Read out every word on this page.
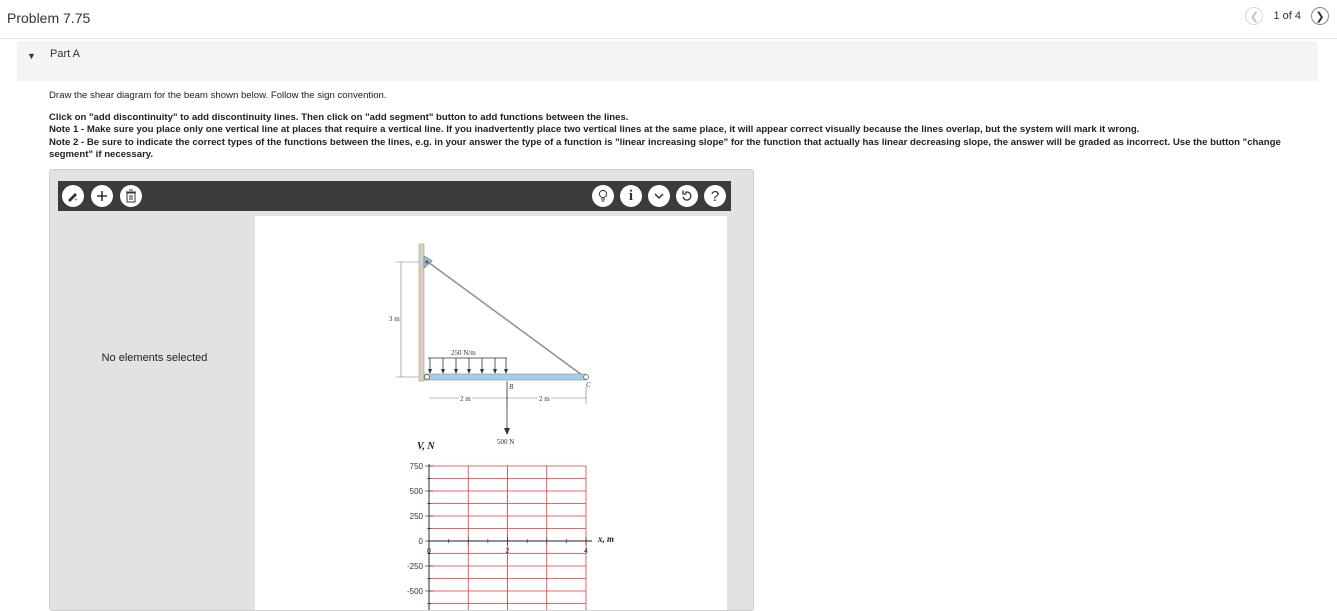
Problem 7.75	❮	1 of 4	❯
▼ Part A

Draw the shear diagram for the beam shown below. Follow the sign convention.

Click on "add discontinuity" to add discontinuity lines. Then click on "add segment" button to add functions between the lines.

Note 1 - Make sure you place only one vertical line at places that require a vertical line. If you inadvertently place two vertical lines at the same place, it will appear correct visually because the lines overlap, but the system will mark it wrong.

Note 2 - Be sure to indicate the correct types of the functions between the lines, e.g. in your answer the type of a function is "linear increasing slope" for the function that actually has linear decreasing slope, the answer will be graded as incorrect. Use the button "change segment" if necessary.

+	i	?
No elements selected
3 m
250 N/m
B	C
2 m	2 m
500 N
V, N
x, m
750
500
250
0
-250
-500
0	2	4
